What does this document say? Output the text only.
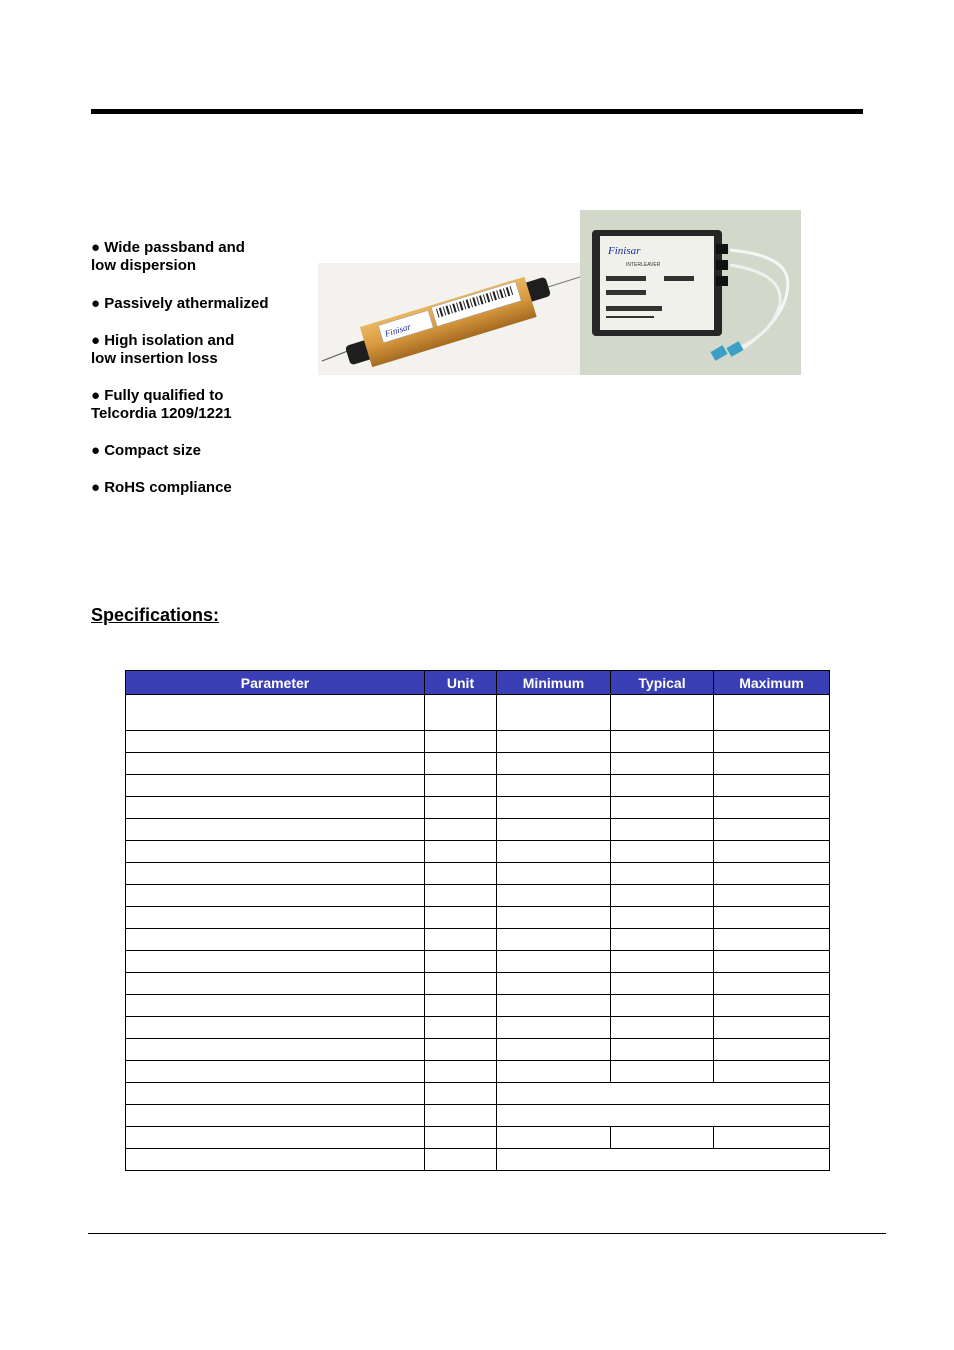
● Wide passband and
low dispersion
● Passively athermalized
● High isolation and
low insertion loss
● Fully qualified to
Telcordia 1209/1221
● Compact size
● RoHS compliance
Finisar
Finisar
INTERLEAVER
Specifications:
Parameter	Unit	Minimum	Typical	Maximum
